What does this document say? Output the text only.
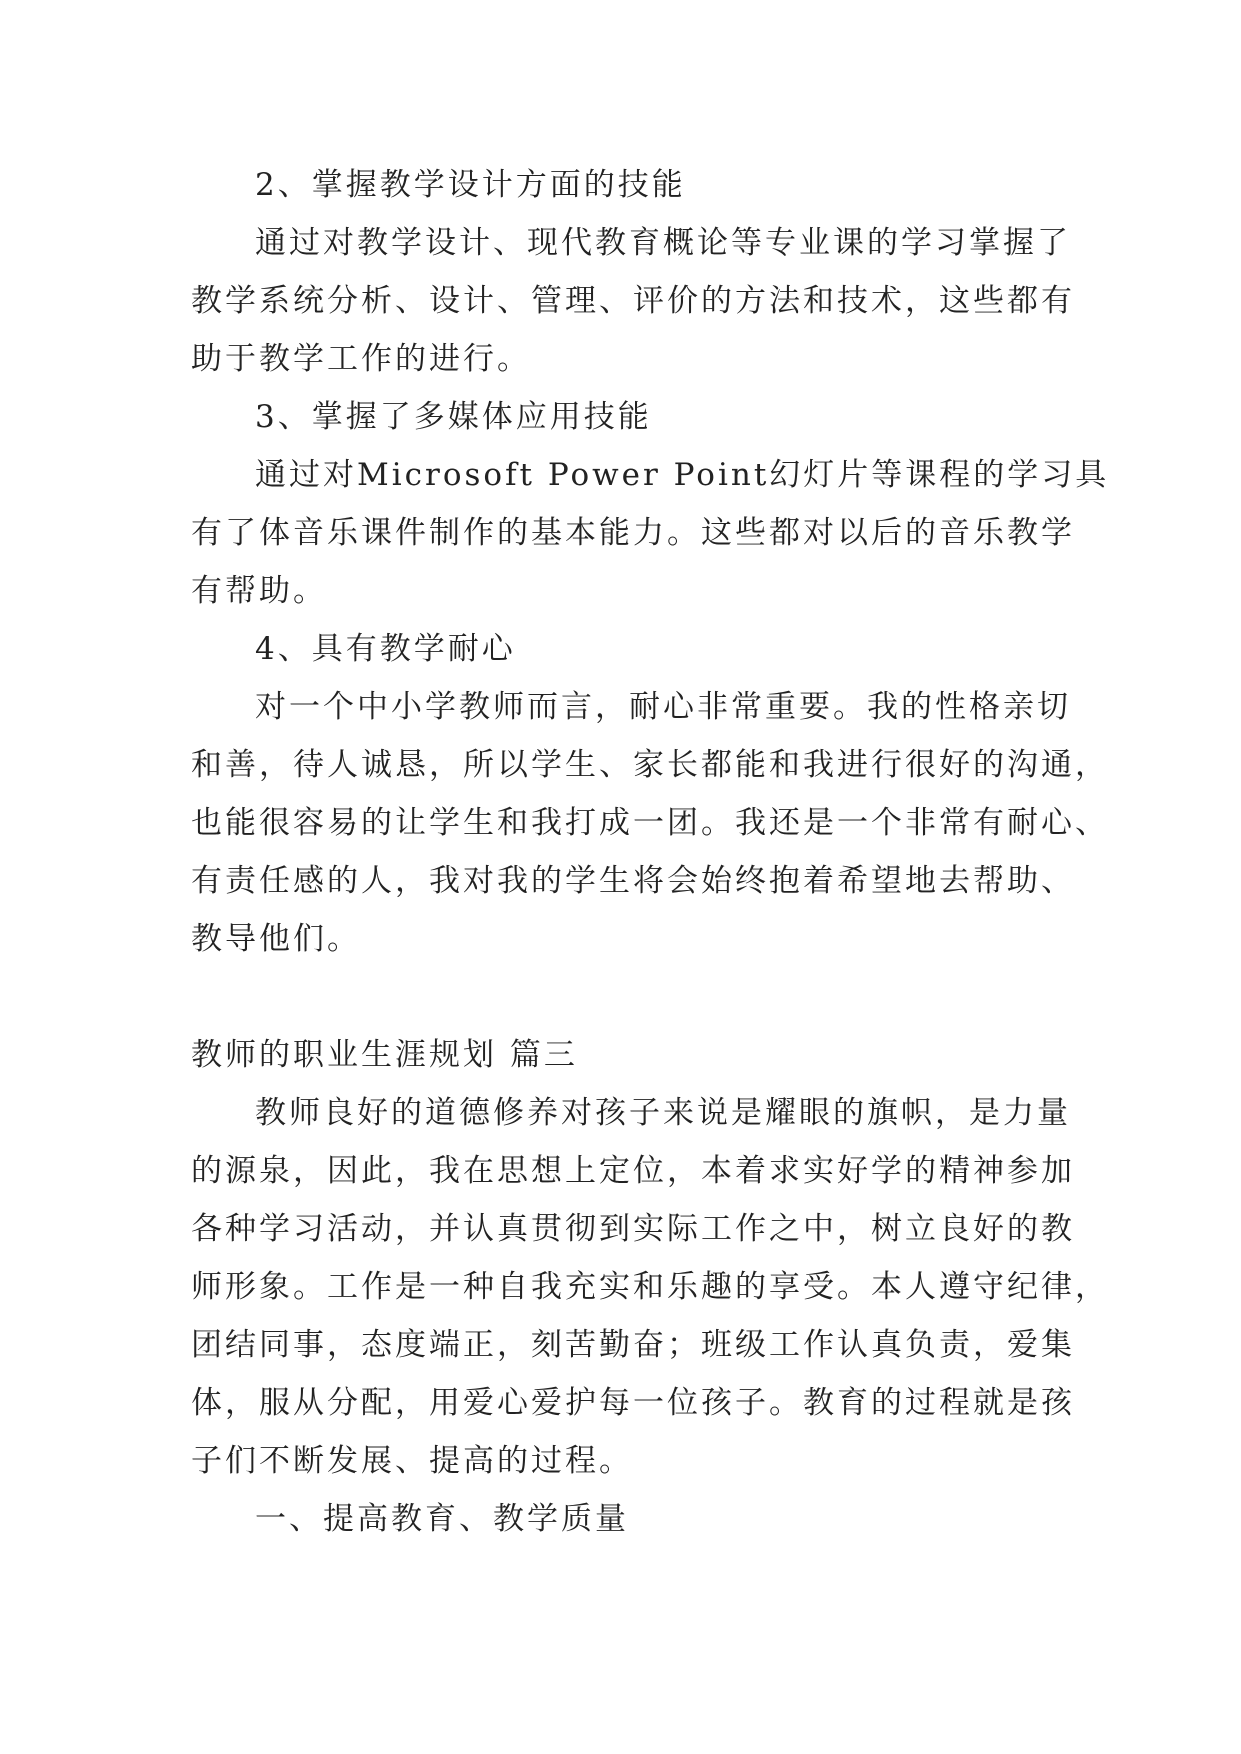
2、掌握教学设计方面的技能
通过对教学设计、现代教育概论等专业课的学习掌握了
教学系统分析、设计、管理、评价的方法和技术，这些都有
助于教学工作的进行。
3、掌握了多媒体应用技能
通过对Microsoft Power Point幻灯片等课程的学习具
有了体音乐课件制作的基本能力。这些都对以后的音乐教学
有帮助。
4、具有教学耐心
对一个中小学教师而言，耐心非常重要。我的性格亲切
和善，待人诚恳，所以学生、家长都能和我进行很好的沟通，
也能很容易的让学生和我打成一团。我还是一个非常有耐心、
有责任感的人，我对我的学生将会始终抱着希望地去帮助、
教导他们。
教师的职业生涯规划 篇三
教师良好的道德修养对孩子来说是耀眼的旗帜，是力量
的源泉，因此，我在思想上定位，本着求实好学的精神参加
各种学习活动，并认真贯彻到实际工作之中，树立良好的教
师形象。工作是一种自我充实和乐趣的享受。本人遵守纪律，
团结同事，态度端正，刻苦勤奋；班级工作认真负责，爱集
体，服从分配，用爱心爱护每一位孩子。教育的过程就是孩
子们不断发展、提高的过程。
一、提高教育、教学质量
